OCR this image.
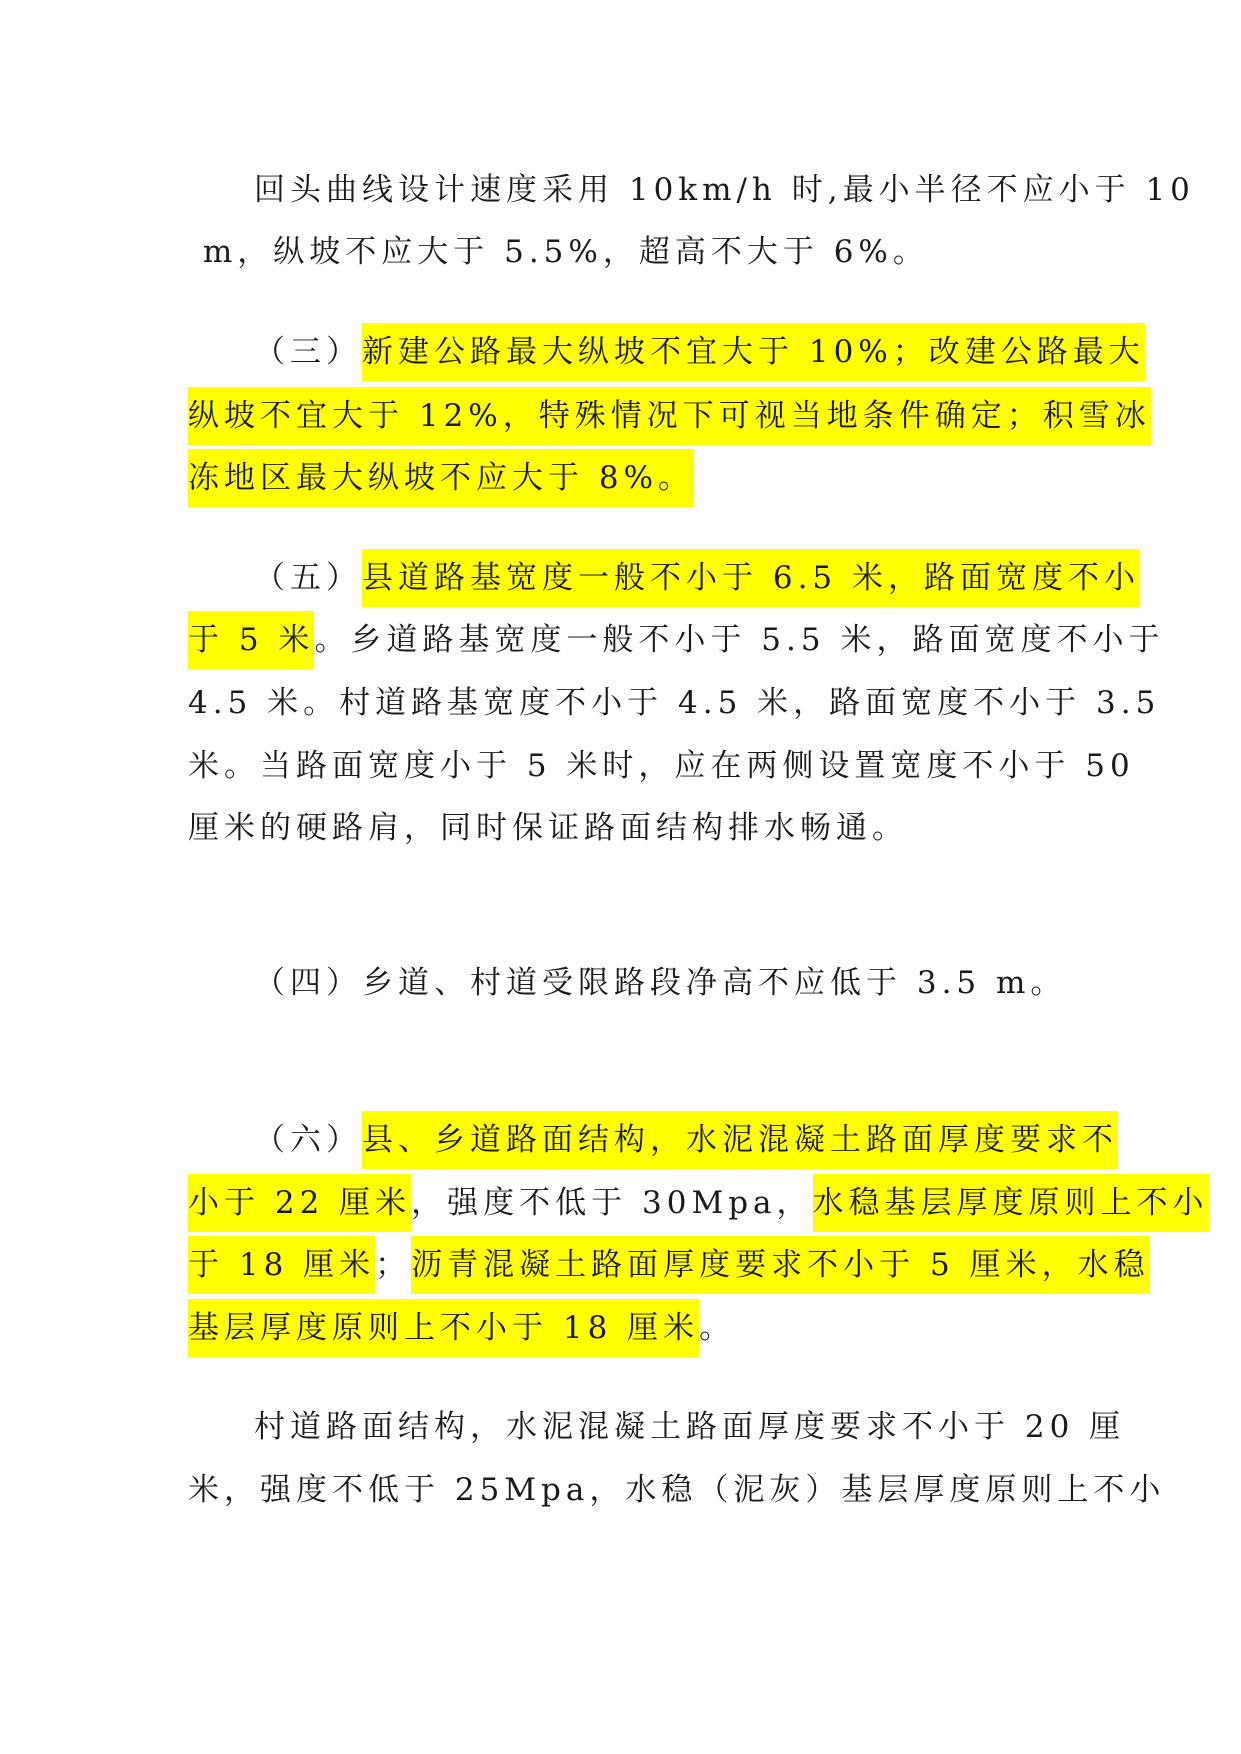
回头曲线设计速度采用 10km/h 时,最小半径不应小于 10
m，纵坡不应大于 5.5%，超高不大于 6%。
（三）新建公路最大纵坡不宜大于 10%；改建公路最大
纵坡不宜大于 12%，特殊情况下可视当地条件确定；积雪冰
冻地区最大纵坡不应大于 8%。
（五）县道路基宽度一般不小于 6.5 米，路面宽度不小
于 5 米。乡道路基宽度一般不小于 5.5 米，路面宽度不小于
4.5 米。村道路基宽度不小于 4.5 米，路面宽度不小于 3.5
米。当路面宽度小于 5 米时，应在两侧设置宽度不小于 50
厘米的硬路肩，同时保证路面结构排水畅通。
（四）乡道、村道受限路段净高不应低于 3.5 m。
（六）县、乡道路面结构，水泥混凝土路面厚度要求不
小于 22 厘米，强度不低于 30Mpa，水稳基层厚度原则上不小
于 18 厘米；沥青混凝土路面厚度要求不小于 5 厘米，水稳
基层厚度原则上不小于 18 厘米。
村道路面结构，水泥混凝土路面厚度要求不小于 20 厘
米，强度不低于 25Mpa，水稳（泥灰）基层厚度原则上不小
